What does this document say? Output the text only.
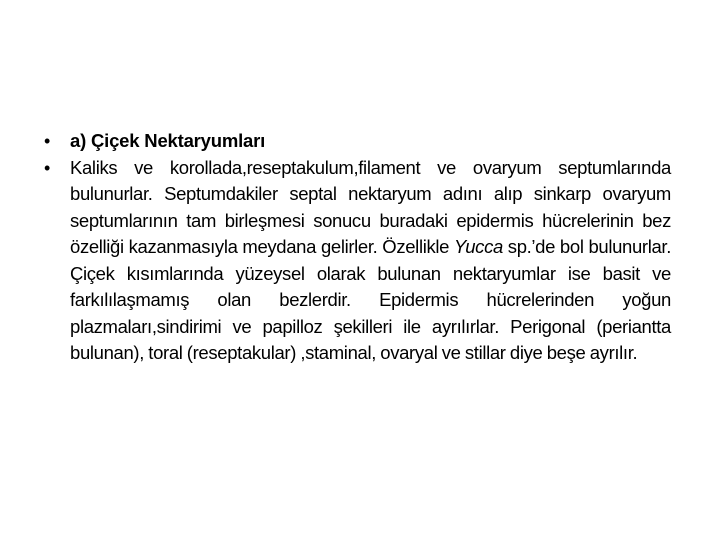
•	a) Çiçek Nektaryumları
•	Kaliks ve korollada,reseptakulum,filament ve ovaryum septumlarında bulunurlar. Septumdakiler septal nektaryum adını alıp sinkarp ovaryum septumlarının tam birleşmesi sonucu buradaki epidermis hücrelerinin bez özelliği kazanmasıyla meydana gelirler. Özellikle Yucca sp.’de bol bulunurlar. Çiçek kısımlarında yüzeysel olarak bulunan nektaryumlar ise basit ve farkılılaşmamış olan bezlerdir. Epidermis hücrelerinden yoğun plazmaları,sindirimi ve papilloz şekilleri ile ayrılırlar. Perigonal (periantta bulunan), toral (reseptakular) ,staminal, ovaryal ve stillar diye beşe ayrılır.
